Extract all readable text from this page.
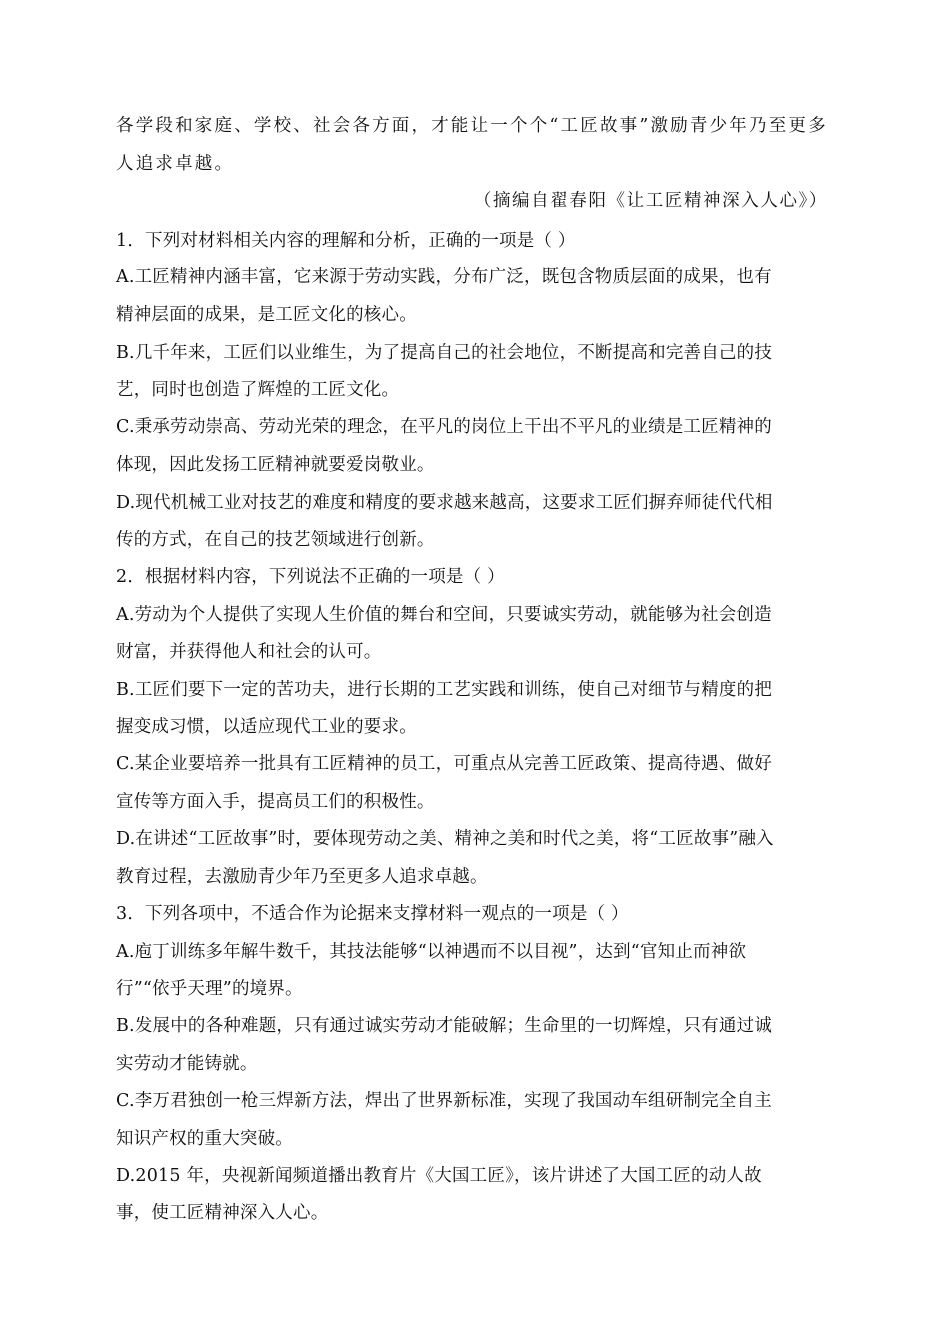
各学段和家庭、学校、社会各方面，才能让一个个“工匠故事”激励青少年乃至更多
人追求卓越。
（摘编自翟春阳《让工匠精神深入人心》）
1．下列对材料相关内容的理解和分析，正确的一项是（ ）
A.工匠精神内涵丰富，它来源于劳动实践，分布广泛，既包含物质层面的成果，也有
精神层面的成果，是工匠文化的核心。
B.几千年来，工匠们以业维生，为了提高自己的社会地位，不断提高和完善自己的技
艺，同时也创造了辉煌的工匠文化。
C.秉承劳动崇高、劳动光荣的理念，在平凡的岗位上干出不平凡的业绩是工匠精神的
体现，因此发扬工匠精神就要爱岗敬业。
D.现代机械工业对技艺的难度和精度的要求越来越高，这要求工匠们摒弃师徒代代相
传的方式，在自己的技艺领域进行创新。
2．根据材料内容，下列说法不正确的一项是（ ）
A.劳动为个人提供了实现人生价值的舞台和空间，只要诚实劳动，就能够为社会创造
财富，并获得他人和社会的认可。
B.工匠们要下一定的苦功夫，进行长期的工艺实践和训练，使自己对细节与精度的把
握变成习惯，以适应现代工业的要求。
C.某企业要培养一批具有工匠精神的员工，可重点从完善工匠政策、提高待遇、做好
宣传等方面入手，提高员工们的积极性。
D.在讲述“工匠故事”时，要体现劳动之美、精神之美和时代之美，将“工匠故事”融入
教育过程，去激励青少年乃至更多人追求卓越。
3．下列各项中，不适合作为论据来支撑材料一观点的一项是（ ）
A.庖丁训练多年解牛数千，其技法能够“以神遇而不以目视”，达到“官知止而神欲
行”“依乎天理”的境界。
B.发展中的各种难题，只有通过诚实劳动才能破解；生命里的一切辉煌，只有通过诚
实劳动才能铸就。
C.李万君独创一枪三焊新方法，焊出了世界新标准，实现了我国动车组研制完全自主
知识产权的重大突破。
D.2015 年，央视新闻频道播出教育片《大国工匠》，该片讲述了大国工匠的动人故
事，使工匠精神深入人心。
